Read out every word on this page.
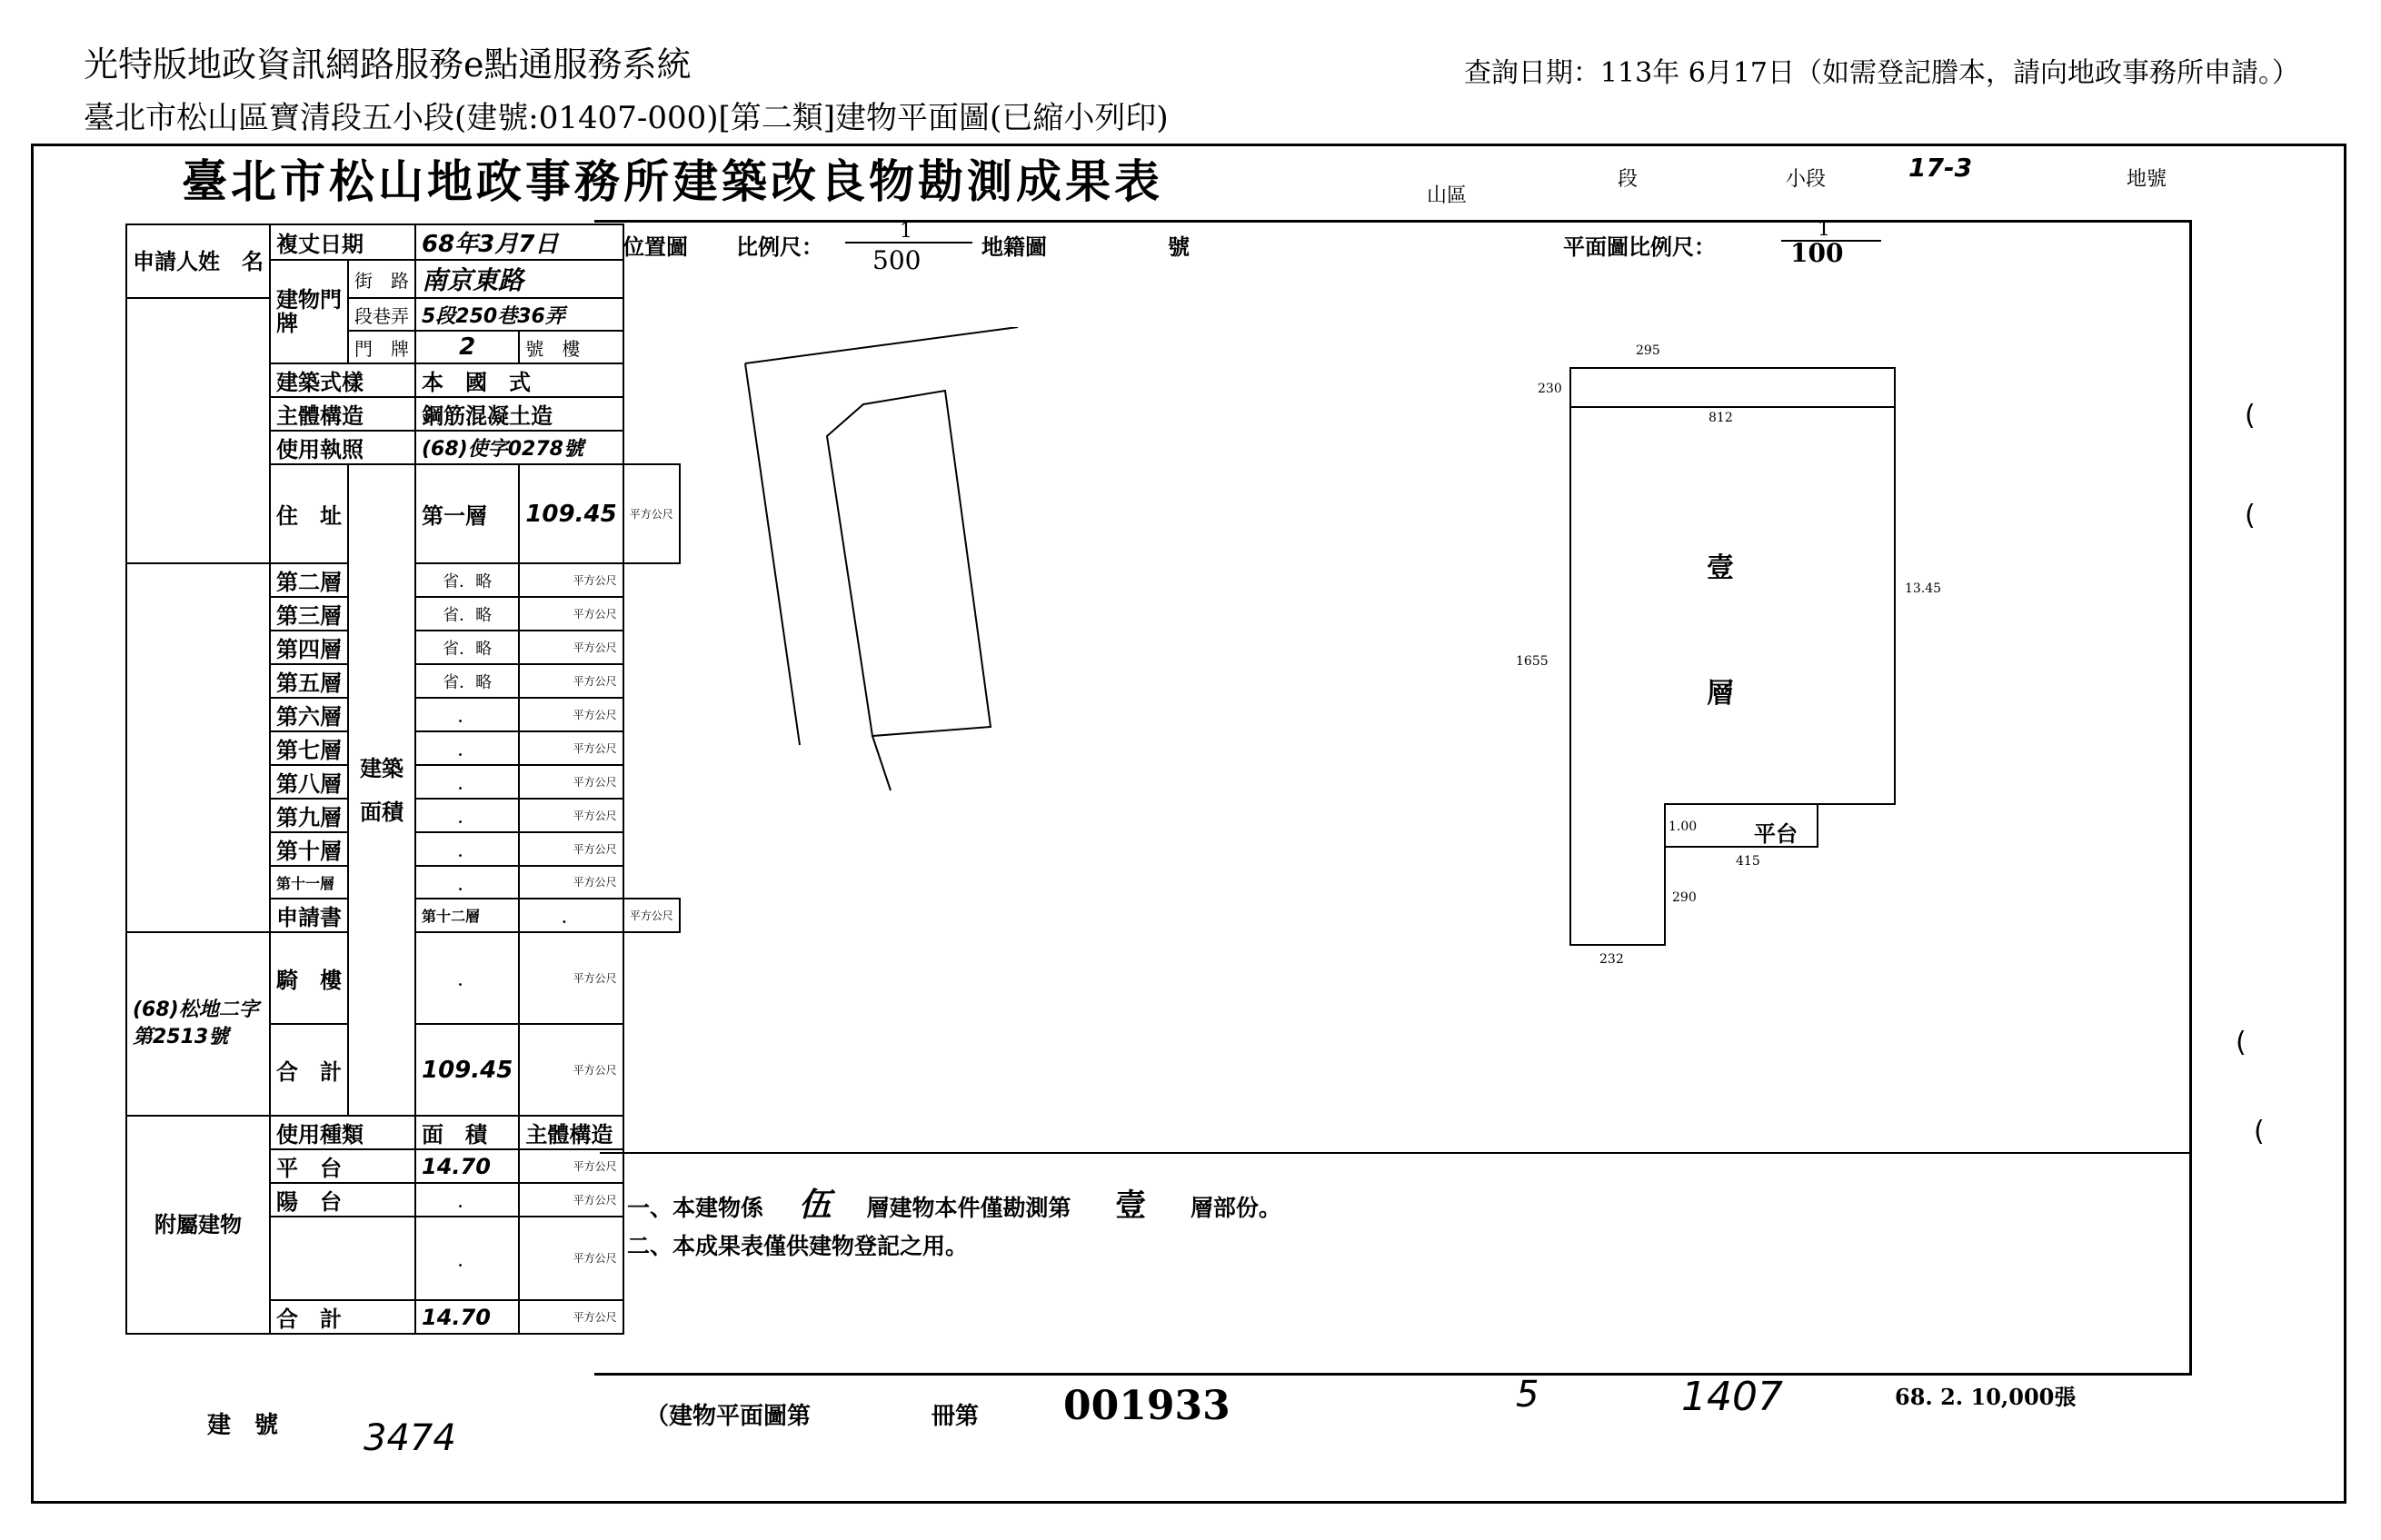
光特版地政資訊網路服務e點通服務系統
臺北市松山區寶清段五小段(建號:01407-000)[第二類]建物平面圖(已縮小列印)
查詢日期：113年 6月17日（如需登記謄本，請向地政事務所申請。）
臺北市松山地政事務所建築改良物勘測成果表	山區
段	小段	17-3	地號
申請人姓　名	複丈日期		68年3月7日		
	建物門牌	街　路	南京東路		
		段巷弄	5段250巷36弄		
		門　牌	2	號　 樓	
	建築式樣		本　國　式		
	主體構造		鋼筋混凝土造		
	使用執照		(68)使字0278號		
	住　址	建築面積	第一層	109.45	平方公尺
	第二層		省．略	平方公尺	
	第三層		省．略	平方公尺	
	第四層		省．略	平方公尺	
	第五層		省．略	平方公尺	
	第六層		．	平方公尺	
	第七層		．	平方公尺	
	第八層		．	平方公尺	
	第九層		．	平方公尺	
	第十層		．	平方公尺	
	第十一層		．	平方公尺	
	申請書		第十二層	．	平方公尺
(68)松地二字第2513號	騎　樓		．	平方公尺	
	合　計		109.45	平方公尺	
附屬建物	使用種類		面　積	主體構造	
	平　台		14.70	平方公尺	
	陽　台		．	平方公尺	
			．	平方公尺	
	合　計		14.70	平方公尺	
位置圖 比例尺：
1
500	地籍圖	號	平面圖比例尺：
1
100
壹
層
平台
295
230
812
13.45
1655
415
290
232
1.00
一、本建物係 伍 層建物本件僅勘測第 壹 層部份。
二、本成果表僅供建物登記之用。
建　號 3474
（建物平面圖第	冊第 001933	5	1407	68. 2. 10,000張
(
(
(
(
